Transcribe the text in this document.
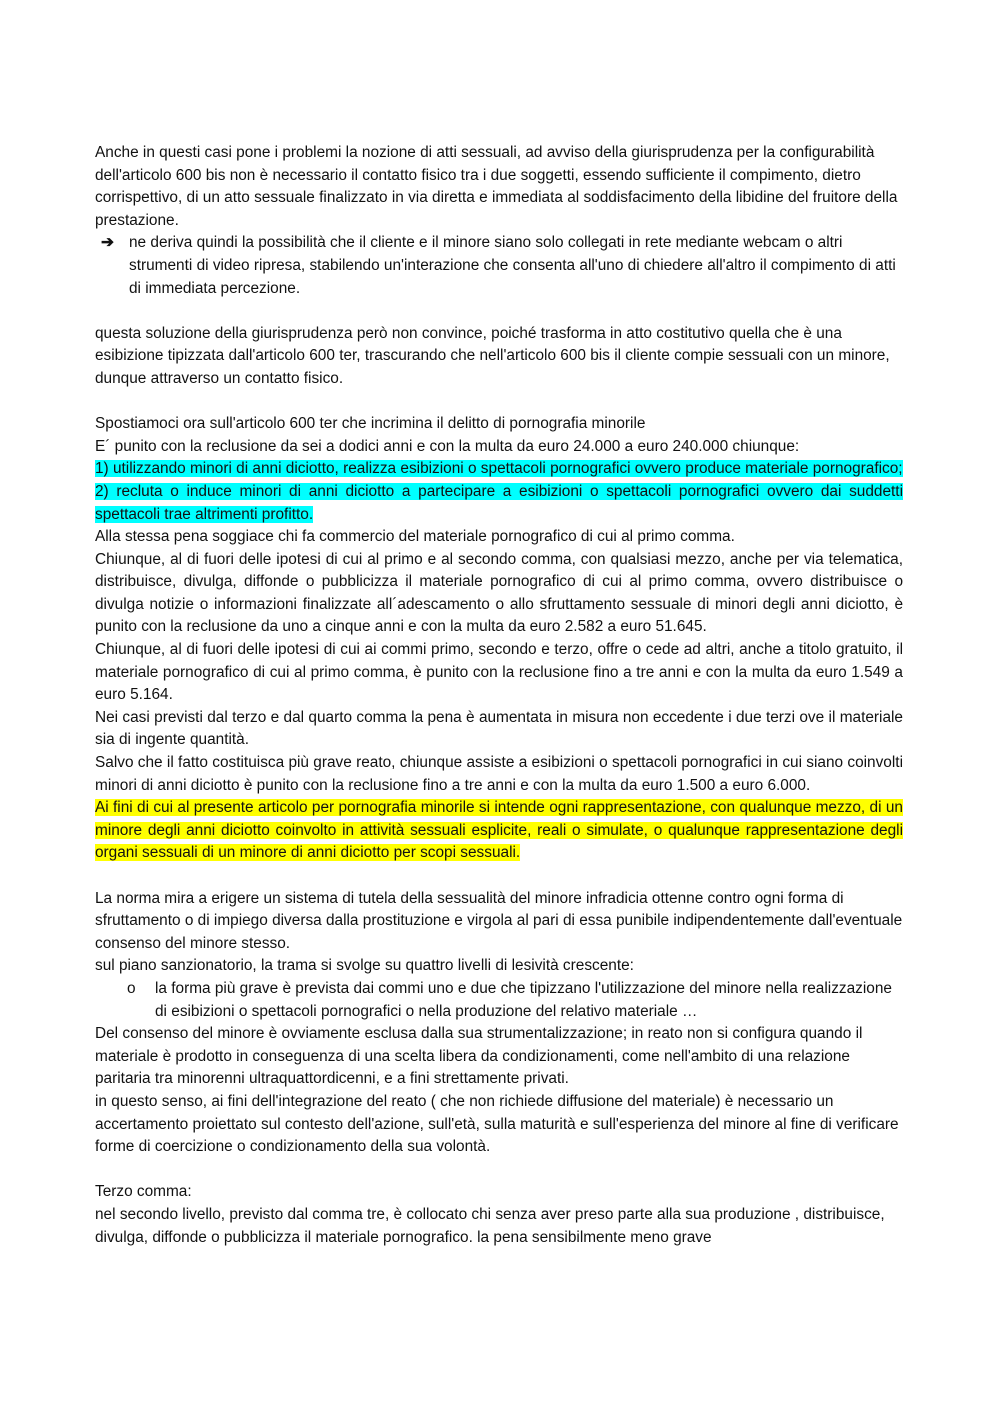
Anche in questi casi pone i problemi la nozione di atti sessuali, ad avviso della giurisprudenza per la configurabilità dell'articolo 600 bis non è necessario il contatto fisico tra i due soggetti, essendo sufficiente il compimento, dietro corrispettivo, di un atto sessuale finalizzato in via diretta e immediata al soddisfacimento della libidine del fruitore della prestazione.

➔ ne deriva quindi la possibilità che il cliente e il minore siano solo collegati in rete mediante webcam o altri strumenti di video ripresa, stabilendo un'interazione che consenta all'uno di chiedere all'altro il compimento di atti di immediata percezione.

questa soluzione della giurisprudenza però non convince, poiché trasforma in atto costitutivo quella che è una esibizione tipizzata dall'articolo 600 ter, trascurando che nell'articolo 600 bis il cliente compie sessuali con un minore, dunque attraverso un contatto fisico.

Spostiamoci ora sull'articolo 600 ter che incrimina il delitto di pornografia minorile

E´ punito con la reclusione da sei a dodici anni e con la multa da euro 24.000 a euro 240.000 chiunque:

1) utilizzando minori di anni diciotto, realizza esibizioni o spettacoli pornografici ovvero produce materiale pornografico;

2) recluta o induce minori di anni diciotto a partecipare a esibizioni o spettacoli pornografici ovvero dai suddetti spettacoli trae altrimenti profitto.

Alla stessa pena soggiace chi fa commercio del materiale pornografico di cui al primo comma.

Chiunque, al di fuori delle ipotesi di cui al primo e al secondo comma, con qualsiasi mezzo, anche per via telematica, distribuisce, divulga, diffonde o pubblicizza il materiale pornografico di cui al primo comma, ovvero distribuisce o divulga notizie o informazioni finalizzate all´adescamento o allo sfruttamento sessuale di minori degli anni diciotto, è punito con la reclusione da uno a cinque anni e con la multa da euro 2.582 a euro 51.645.

Chiunque, al di fuori delle ipotesi di cui ai commi primo, secondo e terzo, offre o cede ad altri, anche a titolo gratuito, il materiale pornografico di cui al primo comma, è punito con la reclusione fino a tre anni e con la multa da euro 1.549 a euro 5.164.

Nei casi previsti dal terzo e dal quarto comma la pena è aumentata in misura non eccedente i due terzi ove il materiale sia di ingente quantità.

Salvo che il fatto costituisca più grave reato, chiunque assiste a esibizioni o spettacoli pornografici in cui siano coinvolti minori di anni diciotto è punito con la reclusione fino a tre anni e con la multa da euro 1.500 a euro 6.000.

Ai fini di cui al presente articolo per pornografia minorile si intende ogni rappresentazione, con qualunque mezzo, di un minore degli anni diciotto coinvolto in attività sessuali esplicite, reali o simulate, o qualunque rappresentazione degli organi sessuali di un minore di anni diciotto per scopi sessuali.

La norma mira a erigere un sistema di tutela della sessualità del minore infradicia ottenne contro ogni forma di sfruttamento o di impiego diversa dalla prostituzione e virgola al pari di essa punibile indipendentemente dall'eventuale consenso del minore stesso.

sul piano sanzionatorio, la trama si svolge su quattro livelli di lesività crescente:

o la forma più grave è prevista dai commi uno e due che tipizzano l'utilizzazione del minore nella realizzazione di esibizioni o spettacoli pornografici o nella produzione del relativo materiale …

Del consenso del minore è ovviamente esclusa dalla sua strumentalizzazione; in reato non si configura quando il materiale è prodotto in conseguenza di una scelta libera da condizionamenti, come nell'ambito di una relazione paritaria tra minorenni ultraquattordicenni, e a fini strettamente privati.

in questo senso, ai fini dell'integrazione del reato ( che non richiede diffusione del materiale) è necessario un accertamento proiettato sul contesto dell'azione, sull'età, sulla maturità e sull'esperienza del minore al fine di verificare forme di coercizione o condizionamento della sua volontà.

Terzo comma:

nel secondo livello, previsto dal comma tre, è collocato chi senza aver preso parte alla sua produzione , distribuisce, divulga, diffonde o pubblicizza il materiale pornografico. la pena sensibilmente meno grave
